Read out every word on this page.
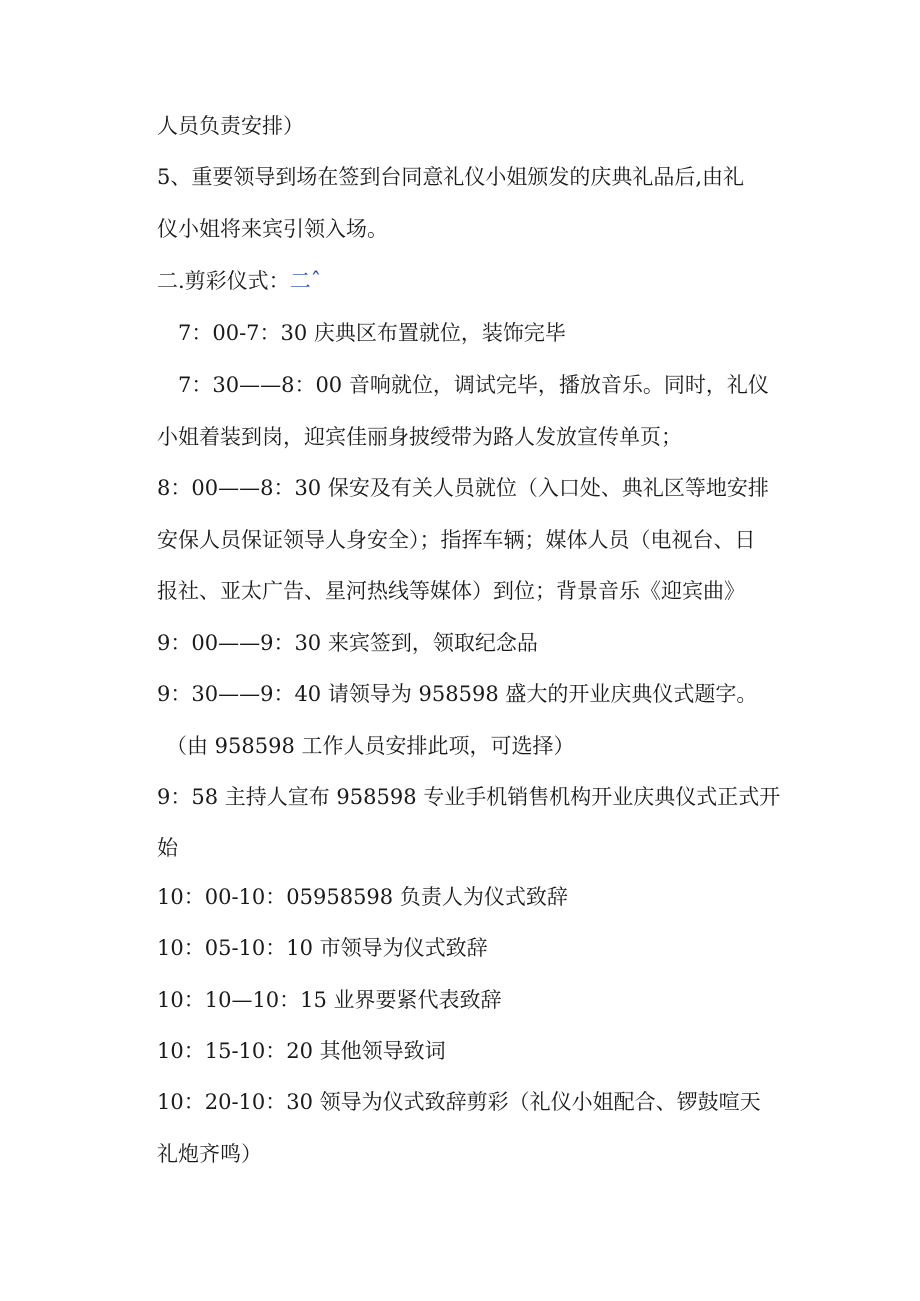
人员负责安排）
5、重要领导到场在签到台同意礼仪小姐颁发的庆典礼品后,由礼
仪小姐将来宾引领入场。
二.剪彩仪式：二ˆ
7：00-7：30 庆典区布置就位，装饰完毕
7：30——8：00 音响就位，调试完毕，播放音乐。同时，礼仪
小姐着装到岗，迎宾佳丽身披绶带为路人发放宣传单页；
8：00——8：30 保安及有关人员就位（入口处、典礼区等地安排
安保人员保证领导人身安全）；指挥车辆；媒体人员（电视台、日
报社、亚太广告、星河热线等媒体）到位；背景音乐《迎宾曲》
9：00——9：30 来宾签到，领取纪念品
9：30——9：40 请领导为 958598 盛大的开业庆典仪式题字。
（由 958598 工作人员安排此项，可选择）
9：58 主持人宣布 958598 专业手机销售机构开业庆典仪式正式开
始
10：00-10：05958598 负责人为仪式致辞
10：05-10：10 市领导为仪式致辞
10：10—10：15 业界要紧代表致辞
10：15-10：20 其他领导致词
10：20-10：30 领导为仪式致辞剪彩（礼仪小姐配合、锣鼓喧天
礼炮齐鸣）
